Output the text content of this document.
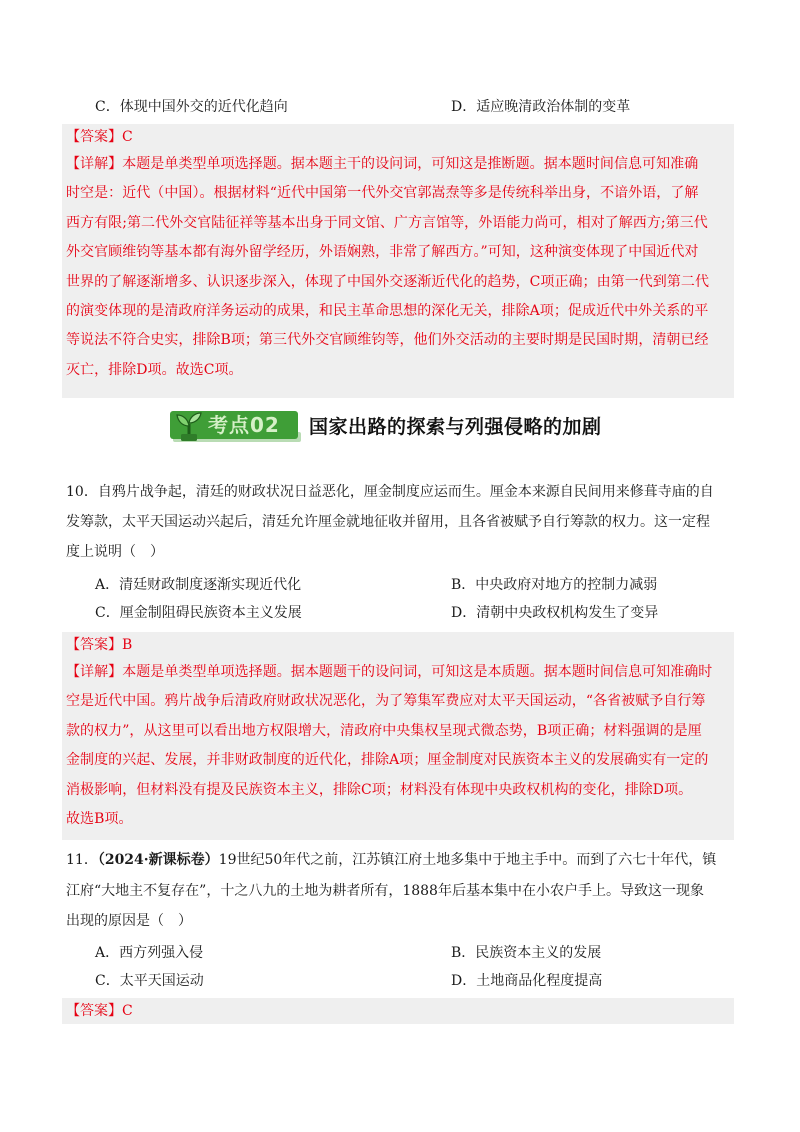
C．体现中国外交的近代化趋向	D．适应晚清政治体制的变革
【答案】C
【详解】本题是单类型单项选择题。据本题主干的设问词，可知这是推断题。据本题时间信息可知准确
时空是：近代（中国）。根据材料“近代中国第一代外交官郭嵩焘等多是传统科举出身，不谙外语，了解
西方有限;第二代外交官陆征祥等基本出身于同文馆、广方言馆等，外语能力尚可，相对了解西方;第三代
外交官顾维钧等基本都有海外留学经历，外语娴熟，非常了解西方。”可知，这种演变体现了中国近代对
世界的了解逐渐增多、认识逐步深入，体现了中国外交逐渐近代化的趋势，C项正确；由第一代到第二代
的演变体现的是清政府洋务运动的成果，和民主革命思想的深化无关，排除A项；促成近代中外关系的平
等说法不符合史实，排除B项；第三代外交官顾维钧等，他们外交活动的主要时期是民国时期，清朝已经
灭亡，排除D项。故选C项。
考点02 国家出路的探索与列强侵略的加剧
10．自鸦片战争起，清廷的财政状况日益恶化，厘金制度应运而生。厘金本来源自民间用来修葺寺庙的自
发筹款，太平天国运动兴起后，清廷允许厘金就地征收并留用，且各省被赋予自行筹款的权力。这一定程
度上说明（　）
A．清廷财政制度逐渐实现近代化	B．中央政府对地方的控制力减弱
C．厘金制阻碍民族资本主义发展	D．清朝中央政权机构发生了变异
【答案】B
【详解】本题是单类型单项选择题。据本题题干的设问词，可知这是本质题。据本题时间信息可知准确时
空是近代中国。鸦片战争后清政府财政状况恶化，为了筹集军费应对太平天国运动，“各省被赋予自行筹
款的权力”，从这里可以看出地方权限增大，清政府中央集权呈现式微态势，B项正确；材料强调的是厘
金制度的兴起、发展，并非财政制度的近代化，排除A项；厘金制度对民族资本主义的发展确实有一定的
消极影响，但材料没有提及民族资本主义，排除C项；材料没有体现中央政权机构的变化，排除D项。
故选B项。
11．（2024·新课标卷）19世纪50年代之前，江苏镇江府土地多集中于地主手中。而到了六七十年代，镇
江府“大地主不复存在”，十之八九的土地为耕者所有，1888年后基本集中在小农户手上。导致这一现象
出现的原因是（　）
A．西方列强入侵	B．民族资本主义的发展
C．太平天国运动	D．土地商品化程度提高
【答案】C
